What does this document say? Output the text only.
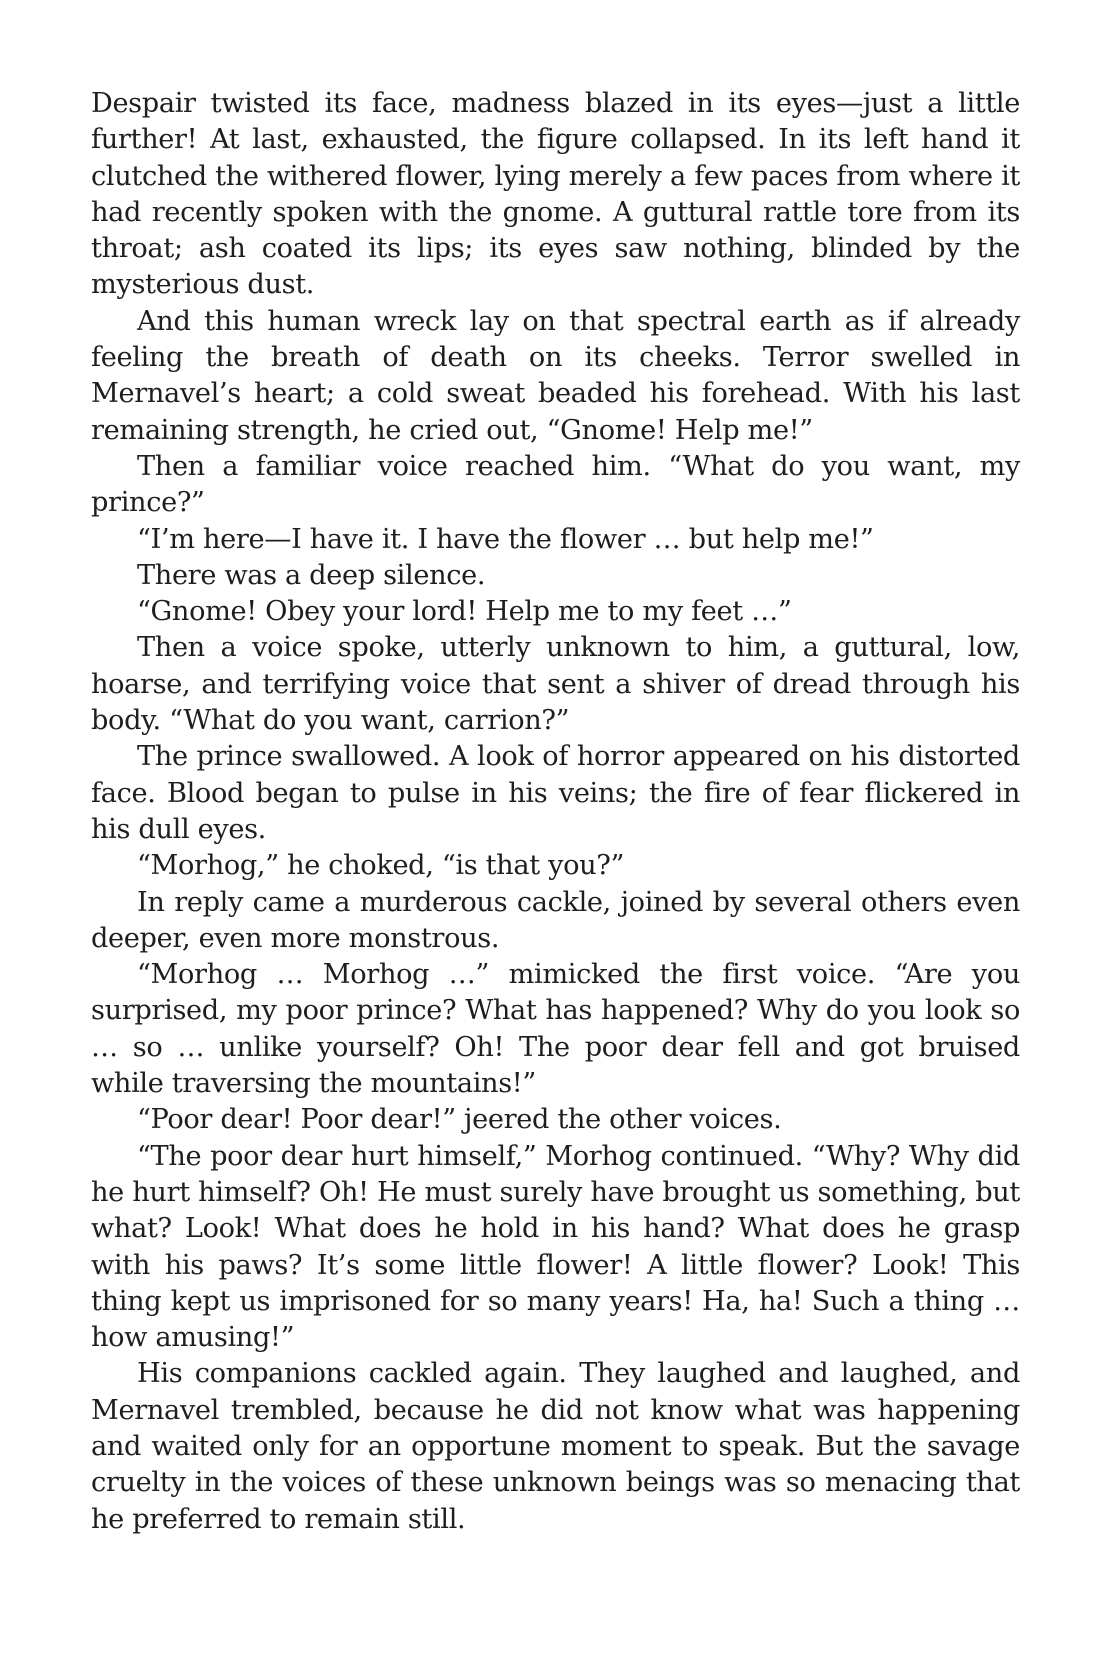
Despair twisted its face, madness blazed in its eyes—just a little further! At last, exhausted, the figure collapsed. In its left hand it clutched the withered flower, lying merely a few paces from where it had recently spoken with the gnome. A guttural rattle tore from its throat; ash coated its lips; its eyes saw nothing, blinded by the mysterious dust.

And this human wreck lay on that spectral earth as if already feeling the breath of death on its cheeks. Terror swelled in Mernavel’s heart; a cold sweat beaded his forehead. With his last remaining strength, he cried out, “Gnome! Help me!”

Then a familiar voice reached him. “What do you want, my prince?”

“I’m here—I have it. I have the flower … but help me!”

There was a deep silence.

“Gnome! Obey your lord! Help me to my feet …”

Then a voice spoke, utterly unknown to him, a guttural, low, hoarse, and terrifying voice that sent a shiver of dread through his body. “What do you want, carrion?”

The prince swallowed. A look of horror appeared on his distorted face. Blood began to pulse in his veins; the fire of fear flickered in his dull eyes.

“Morhog,” he choked, “is that you?”

In reply came a murderous cackle, joined by several others even deeper, even more monstrous.

“Morhog … Morhog …” mimicked the first voice. “Are you surprised, my poor prince? What has happened? Why do you look so … so … unlike yourself? Oh! The poor dear fell and got bruised while traversing the mountains!”

“Poor dear! Poor dear!” jeered the other voices.

“The poor dear hurt himself,” Morhog continued. “Why? Why did he hurt himself? Oh! He must surely have brought us something, but what? Look! What does he hold in his hand? What does he grasp with his paws? It’s some little flower! A little flower? Look! This thing kept us imprisoned for so many years! Ha, ha! Such a thing … how amusing!”

His companions cackled again. They laughed and laughed, and Mernavel trembled, because he did not know what was happening and waited only for an opportune moment to speak. But the savage cruelty in the voices of these unknown beings was so menacing that he preferred to remain still.
